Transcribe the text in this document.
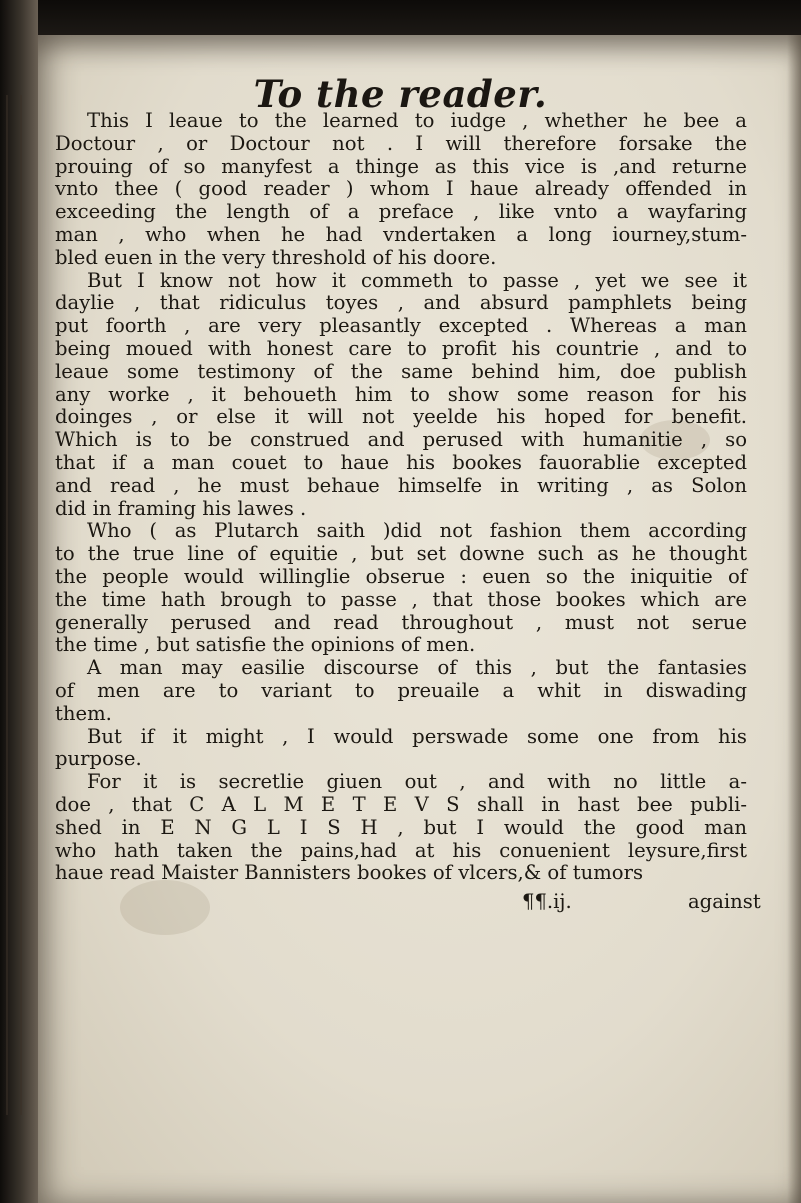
To the reader.
This I leaue to the learned to iudge , whether he bee a
Doctour , or Doctour not . I will therefore forsake the
prouing of so manyfest a thinge as this vice is ,and returne
vnto thee ( good reader ) whom I haue already offended in
exceeding the length of a preface , like vnto a wayfaring
man , who when he had vndertaken a long iourney,stum-
bled euen in the very threshold of his doore.
But I know not how it commeth to passe , yet we see it
daylie , that ridiculus toyes , and absurd pamphlets being
put foorth , are very pleasantly excepted . Whereas a man
being moued with honest care to profit his countrie , and to
leaue some testimony of the same behind him, doe publish
any worke , it behoueth him to show some reason for his
doinges , or else it will not yeelde his hoped for benefit.
Which is to be construed and perused with humanitie , so
that if a man couet to haue his bookes fauorablie excepted
and read , he must behaue himselfe in writing , as Solon
did in framing his lawes .
Who ( as Plutarch saith )did not fashion them according
to the true line of equitie , but set downe such as he thought
the people would willinglie obserue : euen so the iniquitie of
the time hath brough to passe , that those bookes which are
generally perused and read throughout , must not serue
the time , but satisfie the opinions of men.
A man may easilie discourse of this , but the fantasies
of men are to variant to preuaile a whit in diswading
them.
But if it might , I would perswade some one from his
purpose.
For it is secretlie giuen out , and with no little a-
doe , that C A L M E T E V S shall in hast bee publi-
shed in E N G L I S H , but I would the good man
who hath taken the pains,had at his conuenient leysure,first
haue read Maister Bannisters bookes of vlcers,& of tumors
¶¶.ij.	against
